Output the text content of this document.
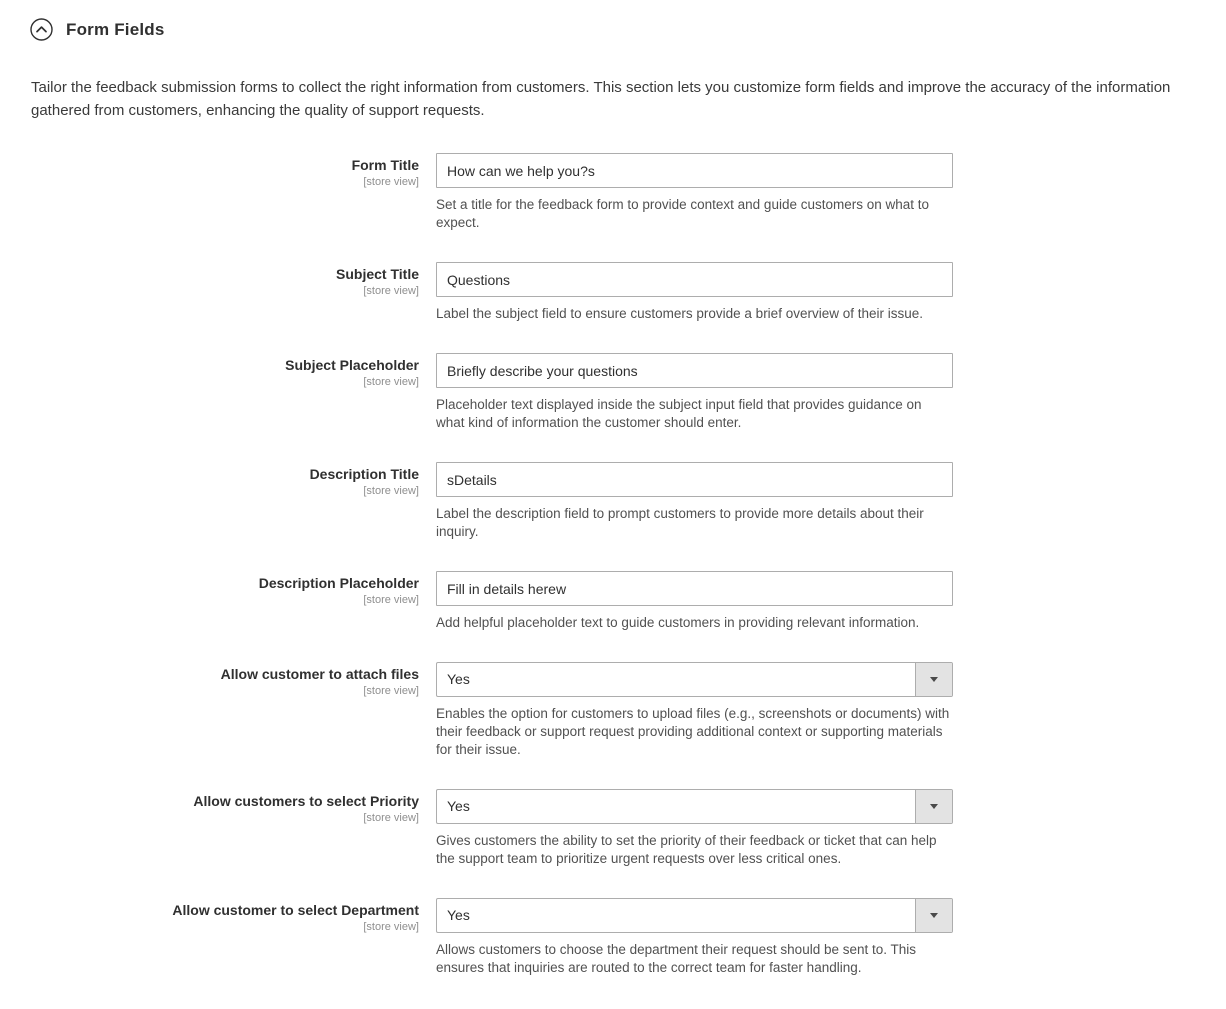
Form Fields

Tailor the feedback submission forms to collect the right information from customers. This section lets you customize form fields and improve the accuracy of the information gathered from customers, enhancing the quality of support requests.

Form Title
[store view]
How can we help you?s
Set a title for the feedback form to provide context and guide customers on what to expect.
Subject Title
[store view]
Questions
Label the subject field to ensure customers provide a brief overview of their issue.
Subject Placeholder
[store view]
Briefly describe your questions
Placeholder text displayed inside the subject input field that provides guidance on what kind of information the customer should enter.
Description Title
[store view]
sDetails
Label the description field to prompt customers to provide more details about their inquiry.
Description Placeholder
[store view]
Fill in details herew
Add helpful placeholder text to guide customers in providing relevant information.
Allow customer to attach files
[store view]
Yes
Enables the option for customers to upload files (e.g., screenshots or documents) with their feedback or support request providing additional context or supporting materials for their issue.
Allow customers to select Priority
[store view]
Yes
Gives customers the ability to set the priority of their feedback or ticket that can help the support team to prioritize urgent requests over less critical ones.
Allow customer to select Department
[store view]
Yes
Allows customers to choose the department their request should be sent to. This ensures that inquiries are routed to the correct team for faster handling.
